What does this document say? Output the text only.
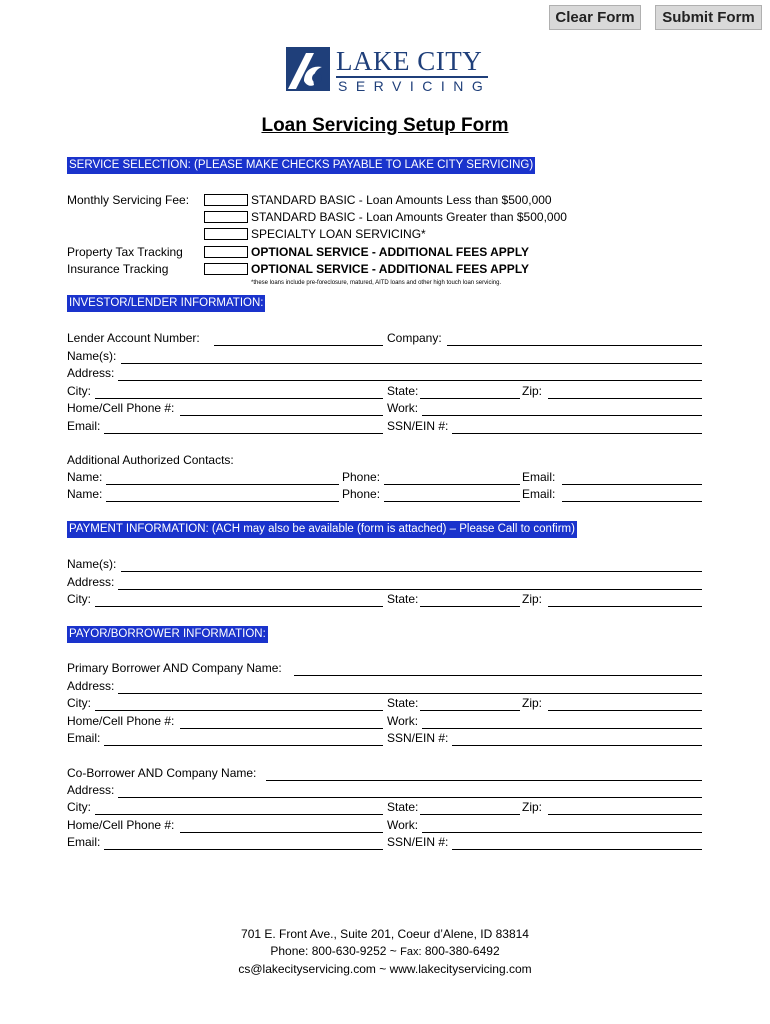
Clear Form	Submit Form
LAKE CITY
SERVICING
Loan Servicing Setup Form
SERVICE SELECTION: (PLEASE MAKE CHECKS PAYABLE TO LAKE CITY SERVICING)
Monthly Servicing Fee:	STANDARD BASIC - Loan Amounts Less than $500,000
STANDARD BASIC - Loan Amounts Greater than $500,000
SPECIALTY LOAN SERVICING*
Property Tax Tracking	OPTIONAL SERVICE - ADDITIONAL FEES APPLY
Insurance Tracking	OPTIONAL SERVICE - ADDITIONAL FEES APPLY
*these loans include pre-foreclosure, matured, AITD loans and other high touch loan servicing.
INVESTOR/LENDER INFORMATION:
Lender Account Number:	Company:
Name(s):
Address:
City:	State:	Zip:
Home/Cell Phone #:	Work:
Email:	SSN/EIN #:
Additional Authorized Contacts:
Name:	Phone:	Email:
Name:	Phone:	Email:
PAYMENT INFORMATION: (ACH may also be available (form is attached) – Please Call to confirm)
Name(s):
Address:
City:	State:	Zip:
PAYOR/BORROWER INFORMATION:
Primary Borrower AND Company Name:
Address:
City:	State:	Zip:
Home/Cell Phone #:	Work:
Email:	SSN/EIN #:
Co-Borrower AND Company Name:
Address:
City:	State:	Zip:
Home/Cell Phone #:	Work:
Email:	SSN/EIN #:
701 E. Front Ave., Suite 201, Coeur d’Alene, ID 83814
Phone: 800-630-9252 ~ Fax: 800-380-6492
cs@lakecityservicing.com ~ www.lakecityservicing.com
